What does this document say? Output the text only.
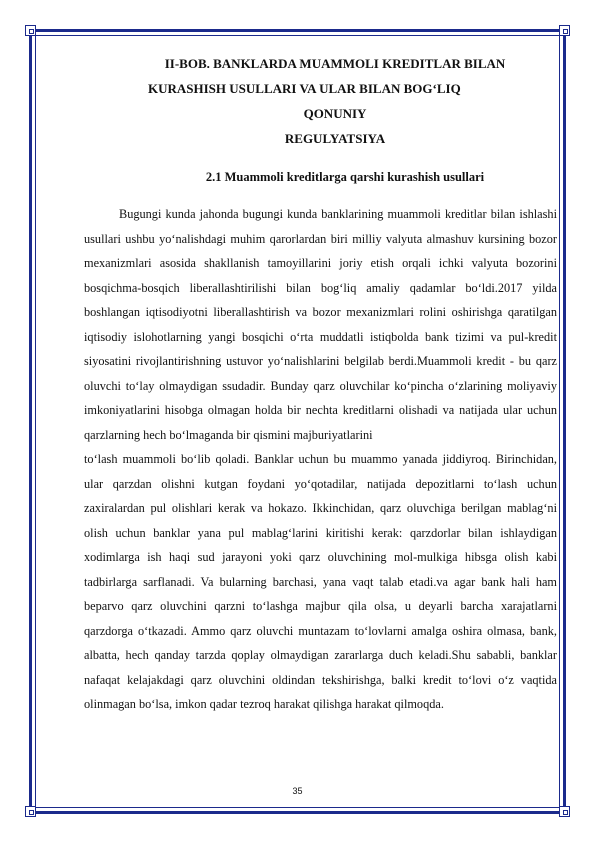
II-BOB. BANKLARDA MUAMMOLI KREDITLAR BILAN
KURASHISH USULLARI VA ULAR BILAN BOG‘LIQ
QONUNIY
REGULYATSIYA
2.1 Muammoli kreditlarga qarshi kurashish usullari

Bugungi kunda jahonda bugungi kunda banklarining muammoli kreditlar bilan ishlashi usullari ushbu yo‘nalishdagi muhim qarorlardan biri milliy valyuta almashuv kursining bozor mexanizmlari asosida shakllanish tamoyillarini joriy etish orqali ichki valyuta bozorini bosqichma-bosqich liberallashtirilishi bilan bog‘liq amaliy qadamlar bo‘ldi.2017 yilda boshlangan iqtisodiyotni liberallashtirish va bozor mexanizmlari rolini oshirishga qaratilgan iqtisodiy islohotlarning yangi bosqichi o‘rta muddatli istiqbolda bank tizimi va pul-kredit siyosatini rivojlantirishning ustuvor yo‘nalishlarini belgilab berdi.Muammoli kredit - bu qarz oluvchi to‘lay olmaydigan ssudadir. Bunday qarz oluvchilar ko‘pincha o‘zlarining moliyaviy imkoniyatlarini hisobga olmagan holda bir nechta kreditlarni olishadi va natijada ular uchun qarzlarning hech bo‘lmaganda bir qismini majburiyatlarini

to‘lash muammoli bo‘lib qoladi. Banklar uchun bu muammo yanada jiddiyroq. Birinchidan, ular qarzdan olishni kutgan foydani yo‘qotadilar, natijada depozitlarni to‘lash uchun zaxiralardan pul olishlari kerak va hokazo. Ikkinchidan, qarz oluvchiga berilgan mablag‘ni olish uchun banklar yana pul mablag‘larini kiritishi kerak: qarzdorlar bilan ishlaydigan xodimlarga ish haqi sud jarayoni yoki qarz oluvchining mol-mulkiga hibsga olish kabi tadbirlarga sarflanadi. Va bularning barchasi, yana vaqt talab etadi.va agar bank hali ham beparvo qarz oluvchini qarzni to‘lashga majbur qila olsa, u deyarli barcha xarajatlarni qarzdorga o‘tkazadi. Ammo qarz oluvchi muntazam to‘lovlarni amalga oshira olmasa, bank, albatta, hech qanday tarzda qoplay olmaydigan zararlarga duch keladi.Shu sababli, banklar nafaqat kelajakdagi qarz oluvchini oldindan tekshirishga, balki kredit to‘lovi o‘z vaqtida olinmagan bo‘lsa, imkon qadar tezroq harakat qilishga harakat qilmoqda.

35
